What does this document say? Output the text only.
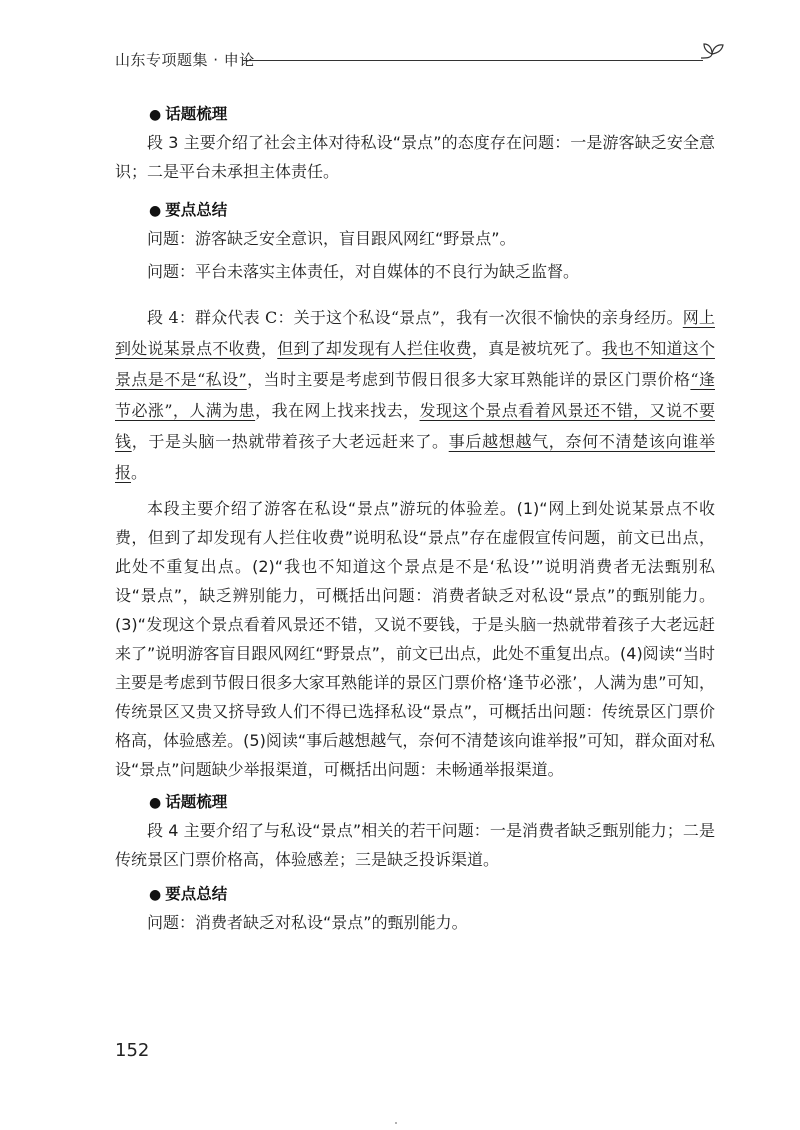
山东专项题集 · 申论
● 话题梳理

段 3 主要介绍了社会主体对待私设“景点”的态度存在问题：一是游客缺乏安全意识；二是平台未承担主体责任。

● 要点总结

问题：游客缺乏安全意识，盲目跟风网红“野景点”。

问题：平台未落实主体责任，对自媒体的不良行为缺乏监督。

段 4：群众代表 C：关于这个私设“景点”，我有一次很不愉快的亲身经历。网上到处说某景点不收费，但到了却发现有人拦住收费，真是被坑死了。我也不知道这个景点是不是“私设”，当时主要是考虑到节假日很多大家耳熟能详的景区门票价格“逢节必涨”，人满为患，我在网上找来找去，发现这个景点看着风景还不错，又说不要钱，于是头脑一热就带着孩子大老远赶来了。事后越想越气，奈何不清楚该向谁举报。

本段主要介绍了游客在私设“景点”游玩的体验差。(1)“网上到处说某景点不收费，但到了却发现有人拦住收费”说明私设“景点”存在虚假宣传问题，前文已出点，此处不重复出点。(2)“我也不知道这个景点是不是‘私设’”说明消费者无法甄别私设“景点”，缺乏辨别能力，可概括出问题：消费者缺乏对私设“景点”的甄别能力。(3)“发现这个景点看着风景还不错，又说不要钱，于是头脑一热就带着孩子大老远赶来了”说明游客盲目跟风网红“野景点”，前文已出点，此处不重复出点。(4)阅读“当时主要是考虑到节假日很多大家耳熟能详的景区门票价格‘逢节必涨’，人满为患”可知，传统景区又贵又挤导致人们不得已选择私设“景点”，可概括出问题：传统景区门票价格高，体验感差。(5)阅读“事后越想越气，奈何不清楚该向谁举报”可知，群众面对私设“景点”问题缺少举报渠道，可概括出问题：未畅通举报渠道。

● 话题梳理

段 4 主要介绍了与私设“景点”相关的若干问题：一是消费者缺乏甄别能力；二是传统景区门票价格高，体验感差；三是缺乏投诉渠道。

● 要点总结

问题：消费者缺乏对私设“景点”的甄别能力。

152
